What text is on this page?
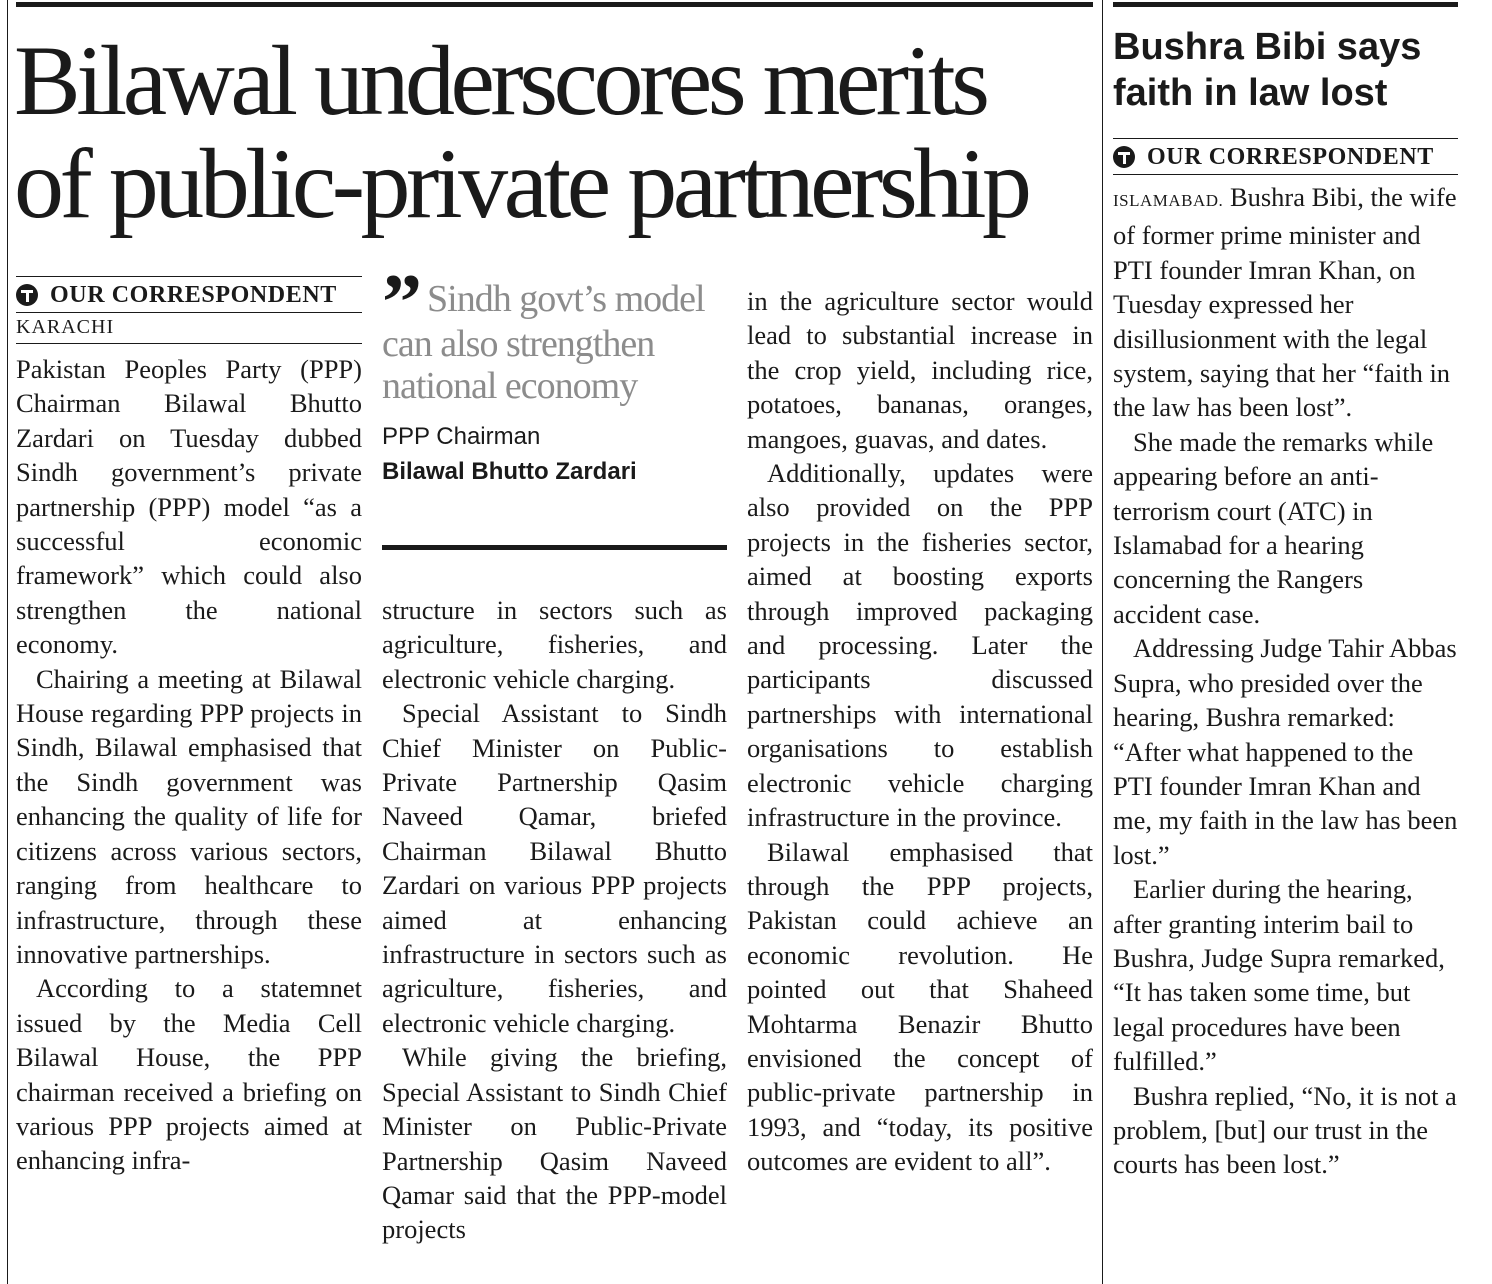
Bilawal underscores merits
of public-private partnership
OUR CORRESPONDENT
KARACHI

Pakistan Peoples Party (PPP) Chairman Bilawal Bhutto Zardari on Tuesday dubbed Sindh government’s private partnership (PPP) model “as a successful economic framework” which could also strengthen the national economy.

Chairing a meeting at Bilawal House regarding PPP projects in Sindh, Bilawal emphasised that the Sindh government was enhancing the quality of life for citizens across various sectors, ranging from healthcare to infrastructure, through these innovative partnerships.

According to a statemnet issued by the Media Cell Bilawal House, the PPP chairman received a briefing on various PPP projects aimed at enhancing infra-

” Sindh govt’s model can also strengthen national economy

PPP Chairman
Bilawal Bhutto Zardari

structure in sectors such as agriculture, fisheries, and electronic vehicle charging.

Special Assistant to Sindh Chief Minister on Public-Private Partnership Qasim Naveed Qamar, briefed Chairman Bilawal Bhutto Zardari on various PPP projects aimed at enhancing infrastructure in sectors such as agriculture, fisheries, and electronic vehicle charging.

While giving the briefing, Special Assistant to Sindh Chief Minister on Public-Private Partnership Qasim Naveed Qamar said that the PPP-model projects

in the agriculture sector would lead to substantial increase in the crop yield, including rice, potatoes, bananas, oranges, mangoes, guavas, and dates.

Additionally, updates were also provided on the PPP projects in the fisheries sector, aimed at boosting exports through improved packaging and processing. Later the participants discussed partnerships with international organisations to establish electronic vehicle charging infrastructure in the province.

Bilawal emphasised that through the PPP projects, Pakistan could achieve an economic revolution. He pointed out that Shaheed Mohtarma Benazir Bhutto envisioned the concept of public-private partnership in 1993, and “today, its positive outcomes are evident to all”.

Bushra Bibi says faith in law lost
OUR CORRESPONDENT

ISLAMABAD. Bushra Bibi, the wife of former prime minister and PTI founder Imran Khan, on Tuesday expressed her disillusionment with the legal system, saying that her “faith in the law has been lost”.

She made the remarks while appearing before an anti-terrorism court (ATC) in Islamabad for a hearing concerning the Rangers accident case.

Addressing Judge Tahir Abbas Supra, who presided over the hearing, Bushra remarked: “After what happened to the PTI founder Imran Khan and me, my faith in the law has been lost.”

Earlier during the hearing, after granting interim bail to Bushra, Judge Supra remarked, “It has taken some time, but legal procedures have been fulfilled.”

Bushra replied, “No, it is not a problem, [but] our trust in the courts has been lost.”
